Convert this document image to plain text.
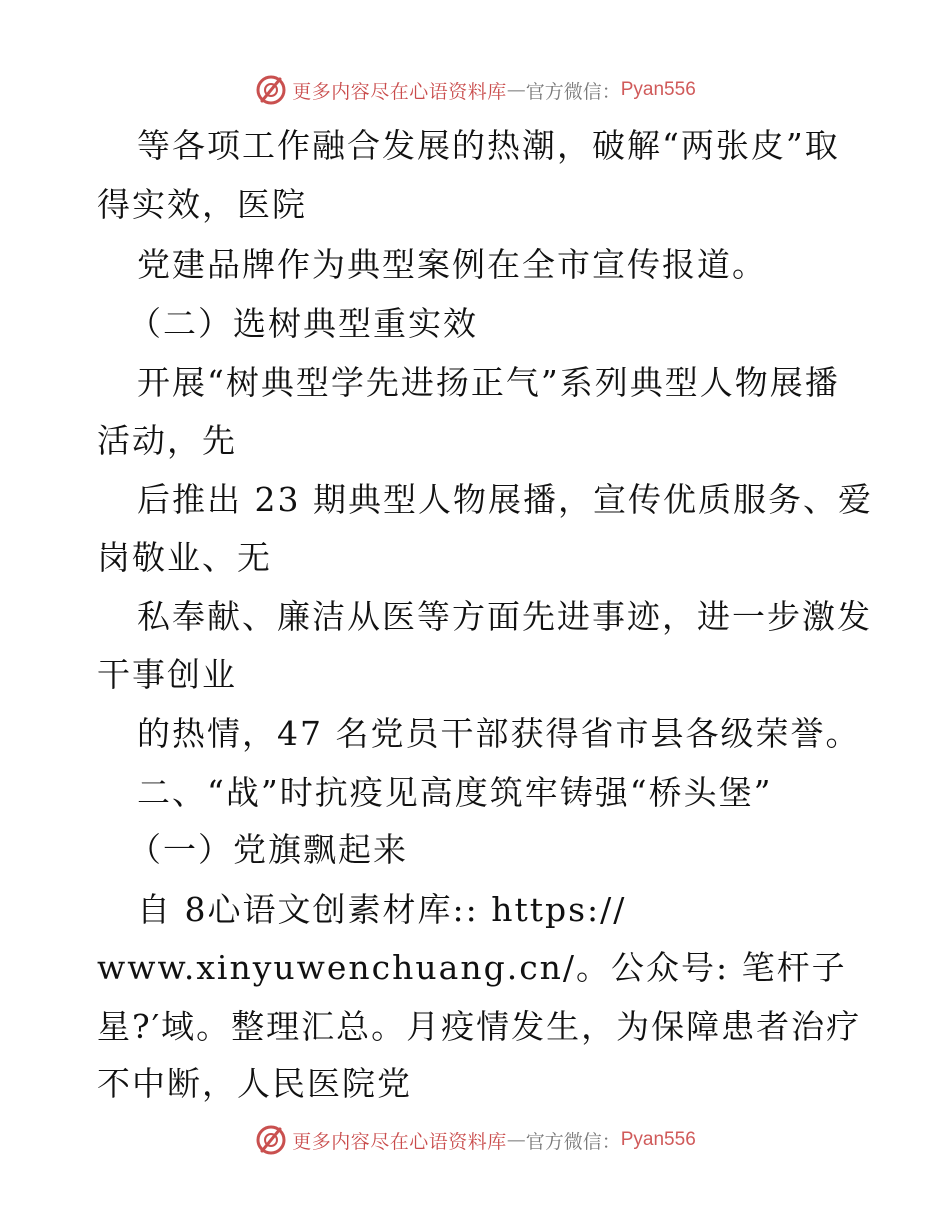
更多内容尽在心语资料库 — 官方微信： Pyan556
等各项工作融合发展的热潮，破解“两张皮”取
得实效，医院
党建品牌作为典型案例在全市宣传报道。
（二）选树典型重实效
开展“树典型学先进扬正气”系列典型人物展播
活动，先
后推出 23 期典型人物展播，宣传优质服务、爱
岗敬业、无
私奉献、廉洁从医等方面先进事迹，进一步激发
干事创业
的热情，47 名党员干部获得省市县各级荣誉。
二、“战”时抗疫见高度筑牢铸强“桥头堡”
（一）党旗飘起来
自 8心语文创素材库:: https://
www.xinyuwenchuang.cn/。公众号: 笔杆子
星?′域。整理汇总。月疫情发生，为保障患者治疗
不中断，人民医院党
更多内容尽在心语资料库 — 官方微信： Pyan556
